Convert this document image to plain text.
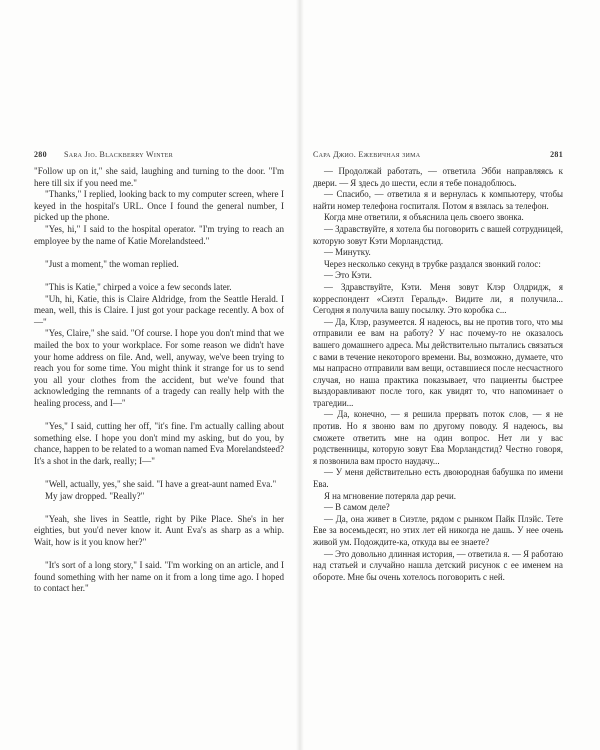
280 Sara Jio. Blackberry Winter

"Follow up on it," she said, laughing and turning to the door. "I'm here till six if you need me."

"Thanks," I replied, looking back to my computer screen, where I keyed in the hospital's URL. Once I found the general number, I picked up the phone.

"Yes, hi," I said to the hospital operator. "I'm trying to reach an employee by the name of Katie Morelandsteed."

"Just a moment," the woman replied.

"This is Katie," chirped a voice a few seconds later.

"Uh, hi, Katie, this is Claire Aldridge, from the Seattle Herald. I mean, well, this is Claire. I just got your package recently. A box of—"

"Yes, Claire," she said. "Of course. I hope you don't mind that we mailed the box to your workplace. For some reason we didn't have your home address on file. And, well, anyway, we've been trying to reach you for some time. You might think it strange for us to send you all your clothes from the accident, but we've found that acknowledging the remnants of a tragedy can really help with the healing process, and I—"

"Yes," I said, cutting her off, "it's fine. I'm actually calling about something else. I hope you don't mind my asking, but do you, by chance, happen to be related to a woman named Eva Morelandsteed? It's a shot in the dark, really; I—"

"Well, actually, yes," she said. "I have a great-aunt named Eva."

My jaw dropped. "Really?"

"Yeah, she lives in Seattle, right by Pike Place. She's in her eighties, but you'd never know it. Aunt Eva's as sharp as a whip. Wait, how is it you know her?"

"It's sort of a long story," I said. "I'm working on an article, and I found something with her name on it from a long time ago. I hoped to contact her."

Сара Джио. Ежевичная зима	281

— Продолжай работать, — ответила Эбби направляясь к двери. — Я здесь до шести, если я тебе понадоблюсь.

— Спасибо, — ответила я и вернулась к компьютеру, чтобы найти номер телефона госпиталя. Потом я взялась за телефон.

Когда мне ответили, я объяснила цель своего звонка.

— Здравствуйте, я хотела бы поговорить с вашей сотрудницей, которую зовут Кэти Морландстид.

— Минутку.

Через несколько секунд в трубке раздался звонкий голос:

— Это Кэти.

— Здравствуйте, Кэти. Меня зовут Клэр Олдридж, я корреспондент «Сиэтл Геральд». Видите ли, я получила... Сегодня я получила вашу посылку. Это коробка с...

— Да, Клэр, разумеется. Я надеюсь, вы не против того, что мы отправили ее вам на работу? У нас почему-то не оказалось вашего домашнего адреса. Мы действительно пытались связаться с вами в течение некоторого времени. Вы, возможно, думаете, что мы напрасно отправили вам вещи, оставшиеся после несчастного случая, но наша практика показывает, что пациенты быстрее выздоравливают после того, как увидят то, что напоминает о трагедии...

— Да, конечно, — я решила прервать поток слов, — я не против. Но я звоню вам по другому поводу. Я надеюсь, вы сможете ответить мне на один вопрос. Нет ли у вас родственницы, которую зовут Ева Морландстид? Честно говоря, я позвонила вам просто наудачу...

— У меня действительно есть двоюродная бабушка по имени Ева.

Я на мгновение потеряла дар речи.

— В самом деле?

— Да, она живет в Сиэтле, рядом с рынком Пайк Плэйс. Тете Еве за восемьдесят, но этих лет ей никогда не дашь. У нее очень живой ум. Подождите-ка, откуда вы ее знаете?

— Это довольно длинная история, — ответила я. — Я работаю над статьей и случайно нашла детский рисунок с ее именем на обороте. Мне бы очень хотелось поговорить с ней.
